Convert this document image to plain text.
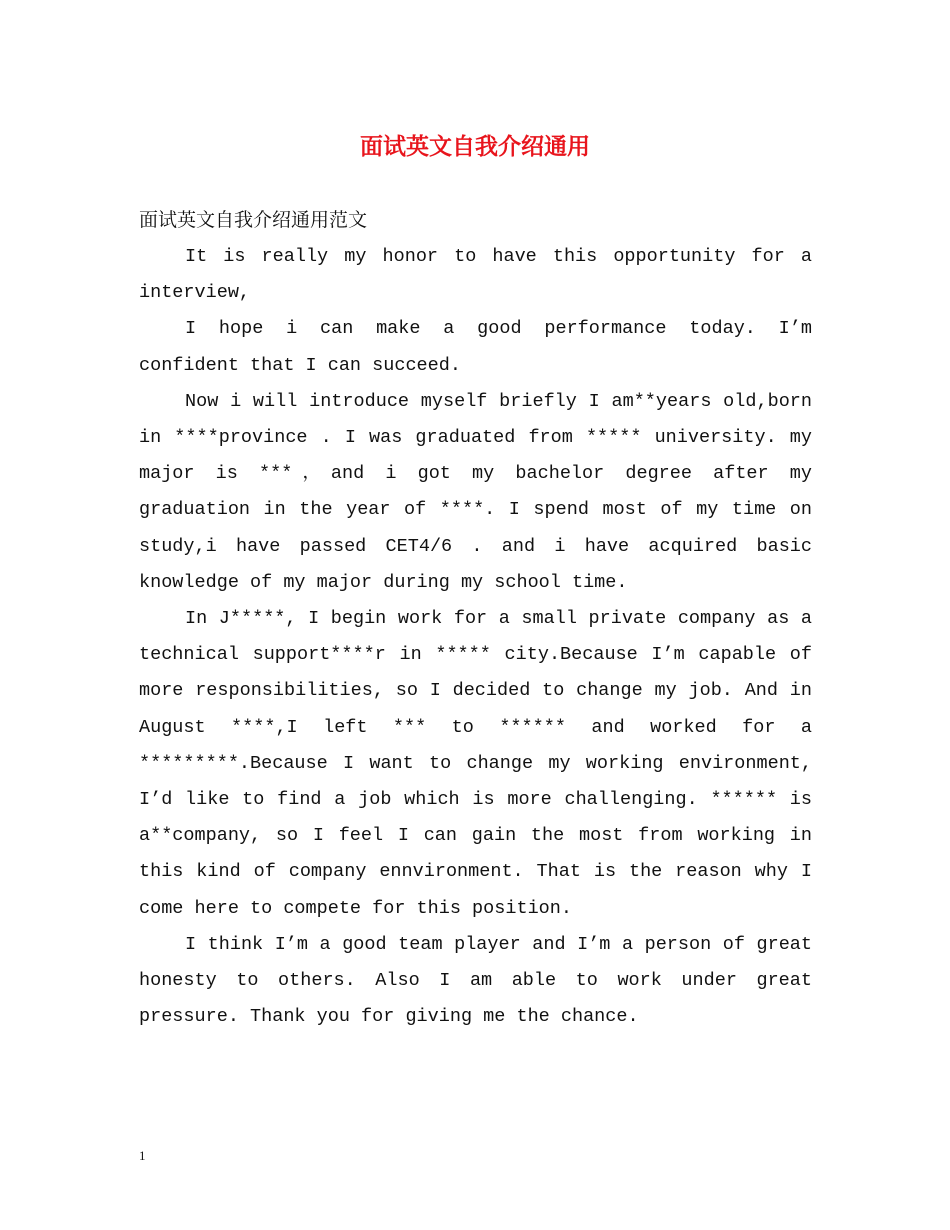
面试英文自我介绍通用

面试英文自我介绍通用范文

It is really my honor to have this opportunity for a interview,

I hope i can make a good performance today. I’m confident that I can succeed.

Now i will introduce myself briefly I am**years old,born in ****province . I was graduated from ***** university. my major is ***，and i got my bachelor degree after my graduation in the year of ****. I spend most of my time on study,i have passed CET4/6 . and i have acquired basic knowledge of my major during my school time.

In J*****, I begin work for a small private company as a technical support****r in ***** city.Because I’m capable of more responsibilities, so I decided to change my job. And in August ****,I left *** to ****** and worked for a *********.Because I want to change my working environment, I’d like to find a job which is more challenging. ****** is a**company, so I feel I can gain the most from working in this kind of company ennvironment. That is the reason why I come here to compete for this position.

I think I’m a good team player and I’m a person of great honesty to others. Also I am able to work under great pressure. Thank you for giving me the chance.

1
